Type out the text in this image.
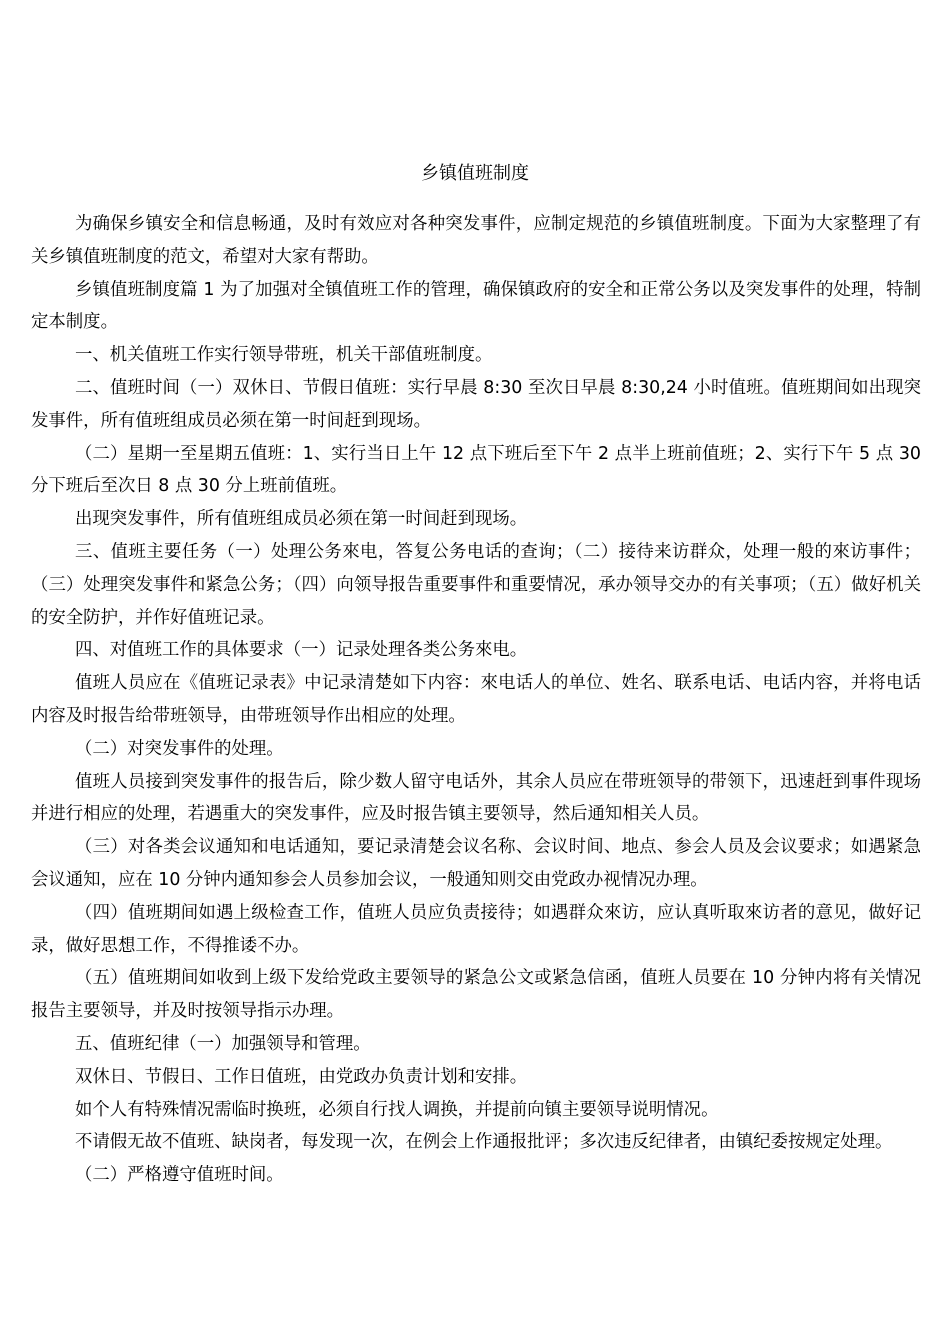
乡镇值班制度

为确保乡镇安全和信息畅通，及时有效应对各种突发事件，应制定规范的乡镇值班制度。下面为大家整理了有关乡镇值班制度的范文，希望对大家有帮助。

乡镇值班制度篇 1 为了加强对全镇值班工作的管理，确保镇政府的安全和正常公务以及突发事件的处理，特制定本制度。

一、机关值班工作实行领导带班，机关干部值班制度。

二、值班时间（一）双休日、节假日值班：实行早晨 8:30 至次日早晨 8:30,24 小时值班。值班期间如出现突发事件，所有值班组成员必须在第一时间赶到现场。

（二）星期一至星期五值班：1、实行当日上午 12 点下班后至下午 2 点半上班前值班；2、实行下午 5 点 30 分下班后至次日 8 点 30 分上班前值班。

出现突发事件，所有值班组成员必须在第一时间赶到现场。

三、值班主要任务（一）处理公务來电，答复公务电话的查询；（二）接待来访群众，处理一般的來访事件；（三）处理突发事件和紧急公务；（四）向领导报告重要事件和重要情况，承办领导交办的有关事项；（五）做好机关的安全防护，并作好值班记录。

四、对值班工作的具体要求（一）记录处理各类公务來电。

值班人员应在《值班记录表》中记录清楚如下内容：來电话人的单位、姓名、联系电话、电话内容，并将电话内容及时报告给带班领导，由带班领导作出相应的处理。

（二）对突发事件的处理。

值班人员接到突发事件的报告后，除少数人留守电话外，其余人员应在带班领导的带领下，迅速赶到事件现场并进行相应的处理，若遇重大的突发事件，应及时报告镇主要领导，然后通知相关人员。

（三）对各类会议通知和电话通知，要记录清楚会议名称、会议时间、地点、参会人员及会议要求；如遇紧急会议通知，应在 10 分钟内通知参会人员参加会议，一般通知则交由党政办视情况办理。

（四）值班期间如遇上级检查工作，值班人员应负责接待；如遇群众來访，应认真听取來访者的意见，做好记录，做好思想工作，不得推诿不办。

（五）值班期间如收到上级下发给党政主要领导的紧急公文或紧急信函，值班人员要在 10 分钟内将有关情况报告主要领导，并及时按领导指示办理。

五、值班纪律（一）加强领导和管理。

双休日、节假日、工作日值班，由党政办负责计划和安排。

如个人有特殊情况需临时换班，必须自行找人调换，并提前向镇主要领导说明情况。

不请假无故不值班、缺岗者，每发现一次，在例会上作通报批评；多次违反纪律者，由镇纪委按规定处理。

（二）严格遵守值班时间。
